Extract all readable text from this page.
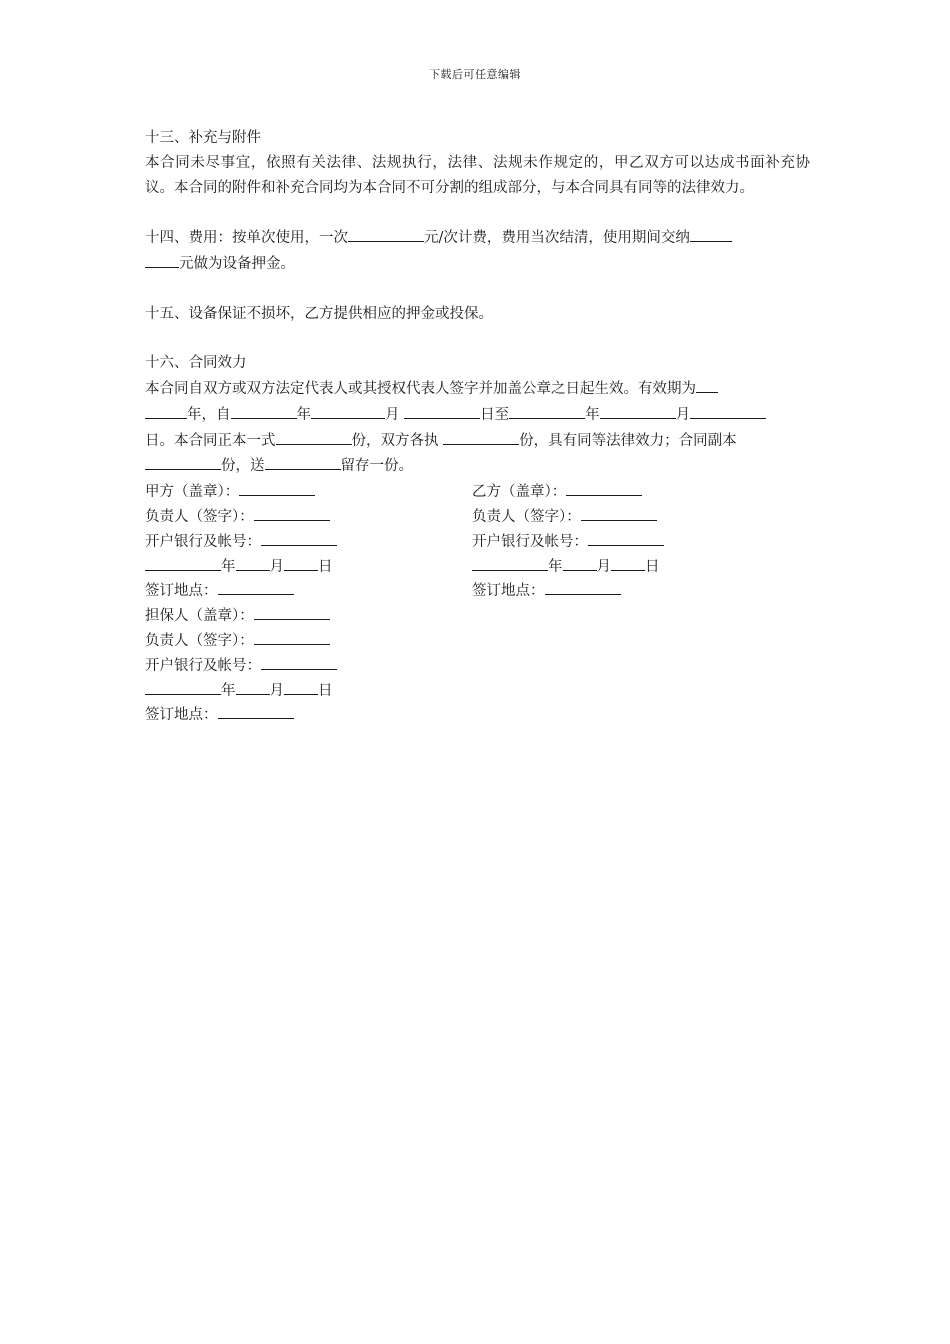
下载后可任意编辑

十三、补充与附件

本合同未尽事宜，依照有关法律、法规执行，法律、法规未作规定的，甲乙双方可以达成书面补充协议。本合同的附件和补充合同均为本合同不可分割的组成部分，与本合同具有同等的法律效力。

十四、费用：按单次使用，一次	元/次计费，费用当次结清，使用期间交纳
元做为设备押金。

十五、设备保证不损坏，乙方提供相应的押金或投保。

十六、合同效力

本合同自双方或双方法定代表人或其授权代表人签字并加盖公章之日起生效。有效期为
年，自	年	月	日至	年	月
日。本合同正本一式	份，双方各执	份，具有同等法律效力；合同副本
份，送	留存一份。

甲方（盖章）：	乙方（盖章）：
负责人（签字）：	负责人（签字）：
开户银行及帐号：	开户银行及帐号：
年 月 日	年 月 日
签订地点：	签订地点：
担保人（盖章）：
负责人（签字）：
开户银行及帐号：
年 月 日
签订地点：
